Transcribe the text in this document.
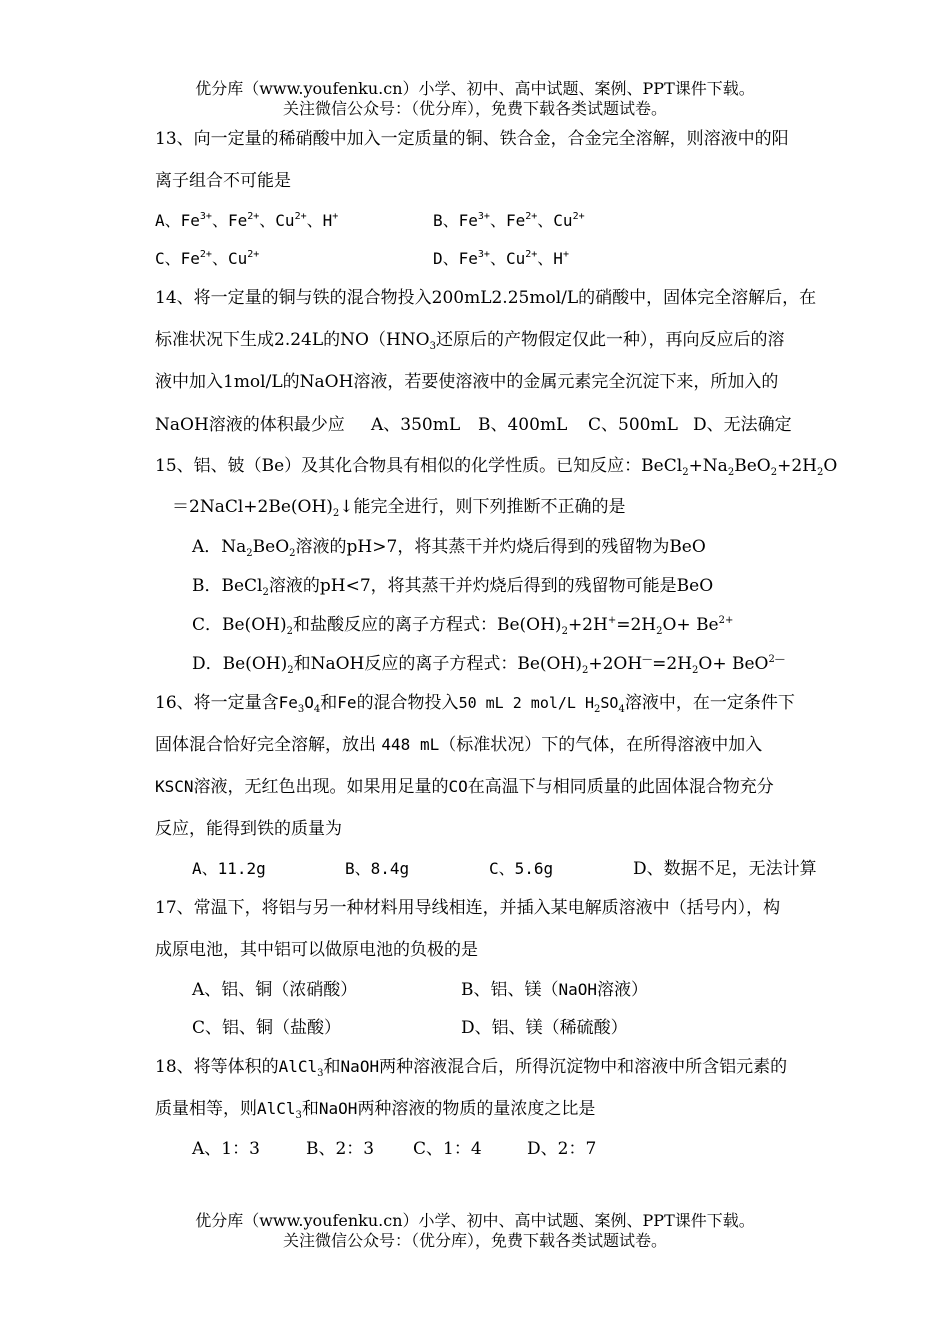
优分库（www.youfenku.cn）小学、初中、高中试题、案例、PPT课件下载。
关注微信公众号：（优分库），免费下载各类试题试卷。
13、向一定量的稀硝酸中加入一定质量的铜、铁合金，合金完全溶解，则溶液中的阳
离子组合不可能是
A、$Fe^{3+}$、$Fe^{2+}$、$Cu^{2+}$、H+	B、$Fe^{3+}$、$Fe^{2+}$、$Cu^{2+}$
C、$Fe^{2+}$、$Cu^{2+}$	D、$Fe^{3+}$、$Cu^{2+}$、H+
14、将一定量的铜与铁的混合物投入200mL2.25mol/L的硝酸中，固体完全溶解后，在
标准状况下生成2.24L的$NO(HNO_3$还原后的产物假定仅此一种），再向反应后的溶
液中加入1mol/L的NaOH溶液，若要使溶液中的金属元素完全沉淀下来，所加入的
NaOH溶液的体积最少应 A、350mL B、400mL C、500mL D、无法确定
15、铝、铍（Be）及其化合物具有相似的化学性质。已知反应：$BeCl_2+Na_2BeO_2+2H_2O$
$=2NaCl+2Be(OH)_2↓$能完全进行，则下列推断不正确的是
A．$Na_2BeO_2$溶液的pH>7，将其蒸干并灼烧后得到的残留物为BeO
B．BeCl$_2$溶液的pH<7，将其蒸干并灼烧后得到的残留物可能是BeO
C．$Be(OH)_2$和盐酸反应的离子方程式：$Be(OH)_2+2H^+=2H_2O+ Be^{2+}$
D．$Be(OH)_2$和NaOH反应的离子方程式：$Be(OH)_2+2OH^—=2H_2O+ BeO^{2—}$
16、将一定量含$Fe_3O_4$和Fe的混合物投入50 mL 2 mol/L $H_2SO_4$溶液中，在一定条件下
固体混合恰好完全溶解，放出 448 mL（标准状况）下的气体，在所得溶液中加入
KSCN溶液，无红色出现。如果用足量的CO在高温下与相同质量的此固体混合物充分
反应，能得到铁的质量为
A、11.2g	B、8.4g	C、5.6g	D、数据不足，无法计算
17、常温下，将铝与另一种材料用导线相连，并插入某电解质溶液中（括号内），构
成原电池，其中铝可以做原电池的负极的是
A、铝、铜（浓硝酸）	B、铝、镁（NaOH溶液）
C、铝、铜（盐酸）	D、铝、镁（稀硫酸）
18、将等体积的AlCl$_3$和NaOH两种溶液混合后，所得沉淀物中和溶液中所含铝元素的
质量相等，则AlCl$_3$和NaOH两种溶液的物质的量浓度之比是
A、1：3	B、2：3 C、1：4	D、2：7
优分库（www.youfenku.cn）小学、初中、高中试题、案例、PPT课件下载。
关注微信公众号：（优分库），免费下载各类试题试卷。
